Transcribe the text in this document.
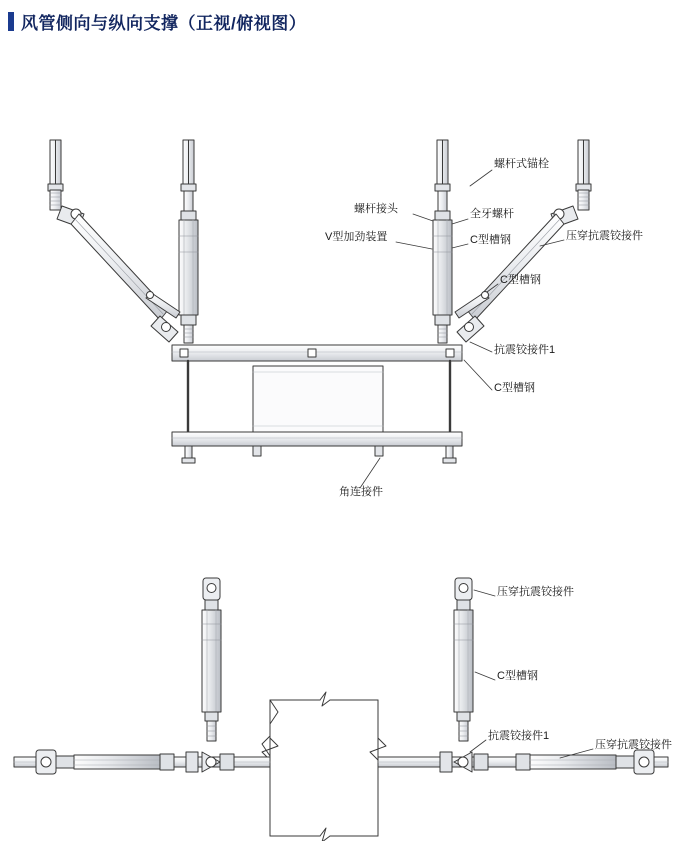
风管侧向与纵向支撑（正视/俯视图）
螺杆式锚栓
螺杆接头	全牙螺杆
V型加劲装置	C型槽钢	压穿抗震铰接件
C型槽钢
抗震铰接件1
C型槽钢
角连接件
压穿抗震铰接件
C型槽钢
抗震铰接件1
压穿抗震铰接件
